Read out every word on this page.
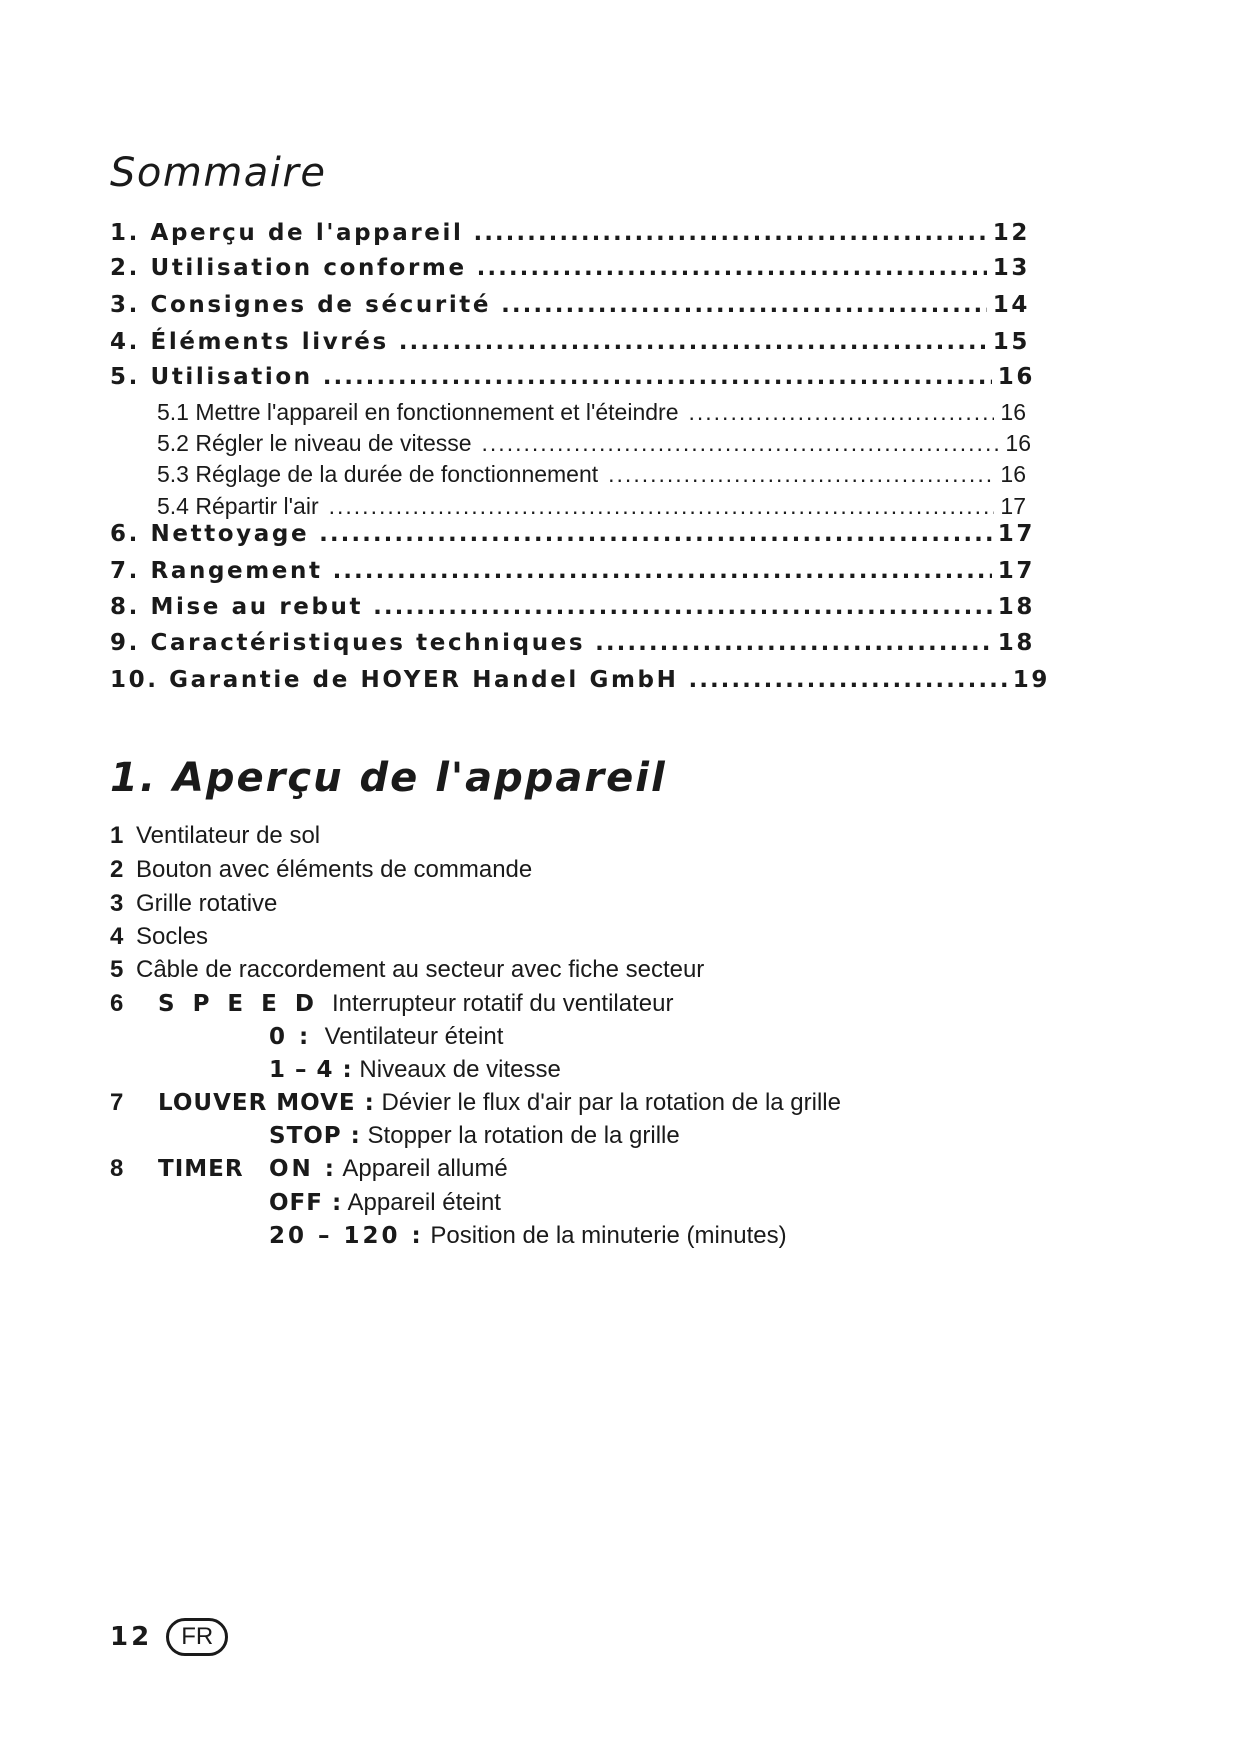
Sommaire
1. Aperçu de l'appareil .....	12
2. Utilisation conforme .....	13
3. Consignes de sécurité .....	14
4. Éléments livrés .....	15
5. Utilisation .....	16
5.1 Mettre l'appareil en fonctionnement et l'éteindre .....	16
5.2 Régler le niveau de vitesse .....	16
5.3 Réglage de la durée de fonctionnement .....	16
5.4 Répartir l'air .....	17
6. Nettoyage .....	17
7. Rangement .....	17
8. Mise au rebut .....	18
9. Caractéristiques techniques .....	18
10. Garantie de HOYER Handel GmbH .....	19
1. Aperçu de l'appareil
1 Ventilateur de sol
2 Bouton avec éléments de commande
3 Grille rotative
4 Socles
5 Câble de raccordement au secteur avec fiche secteur
6 SPEEDInterrupteur rotatif du ventilateur
0 : Ventilateur éteint
1 – 4 : Niveaux de vitesse
7 LOUVER MOVE : Dévier le flux d'air par la rotation de la grille
STOP : Stopper la rotation de la grille
8 TIMER ON : Appareil allumé
OFF : Appareil éteint
20 – 120 : Position de la minuterie (minutes)
12	FR
